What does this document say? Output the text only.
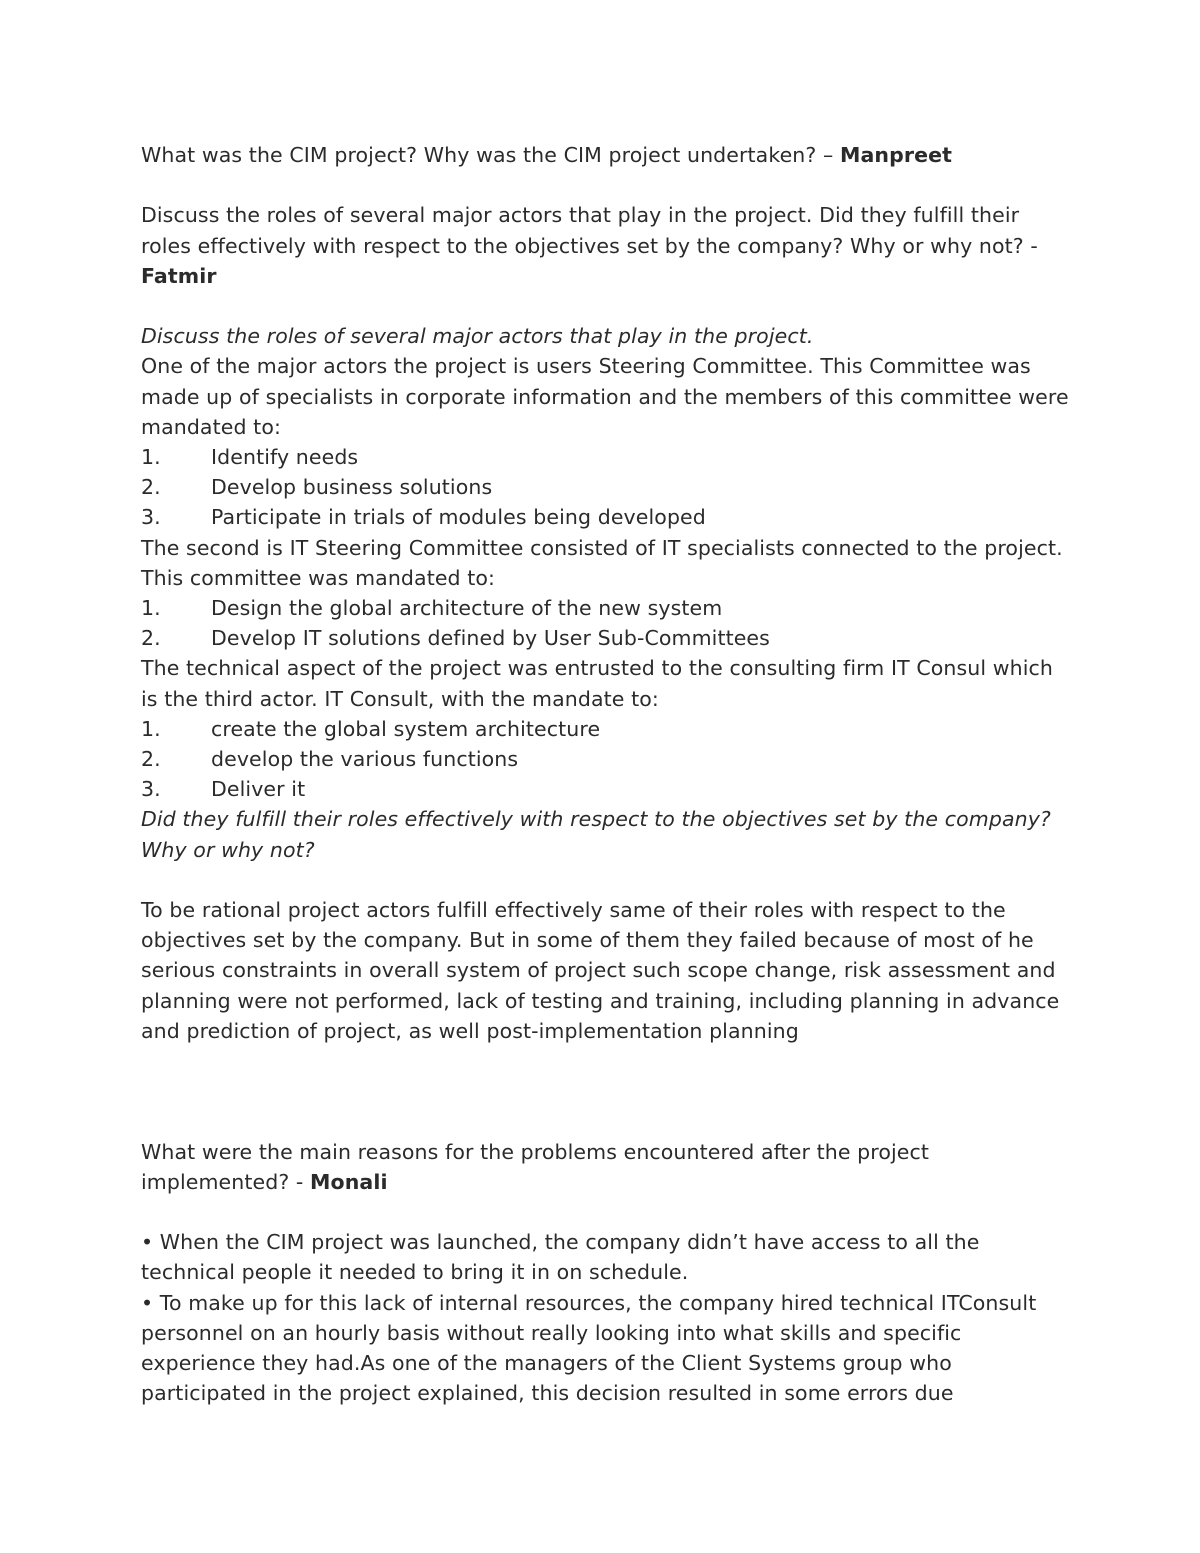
What was the CIM project? Why was the CIM project undertaken? – Manpreet

Discuss the roles of several major actors that play in the project. Did they fulfill their roles effectively with respect to the objectives set by the company? Why or why not? - Fatmir

Discuss the roles of several major actors that play in the project.

One of the major actors the project is users Steering Committee. This Committee was made up of specialists in corporate information and the members of this committee were mandated to:

1.	Identify needs

2.	Develop business solutions

3.	Participate in trials of modules being developed

The second is IT Steering Committee consisted of IT specialists connected to the project. This committee was mandated to:

1.	Design the global architecture of the new system

2.	Develop IT solutions defined by User Sub-Committees

The technical aspect of the project was entrusted to the consulting firm IT Consul which is the third actor. IT Consult, with the mandate to:

1.	create the global system architecture

2.	develop the various functions

3.	Deliver it

Did they fulfill their roles effectively with respect to the objectives set by the company? Why or why not?

To be rational project actors fulfill effectively same of their roles with respect to the objectives set by the company. But in some of them they failed because of most of he serious constraints in overall system of project such scope change, risk assessment and planning were not performed, lack of testing and training, including planning in advance and prediction of project, as well post-implementation planning

What were the main reasons for the problems encountered after the project implemented? - Monali

• When the CIM project was launched, the company didn’t have access to all the technical people it needed to bring it in on schedule.

• To make up for this lack of internal resources, the company hired technical ITConsult personnel on an hourly basis without really looking into what skills and specific experience they had.As one of the managers of the Client Systems group who participated in the project explained, this decision resulted in some errors due
